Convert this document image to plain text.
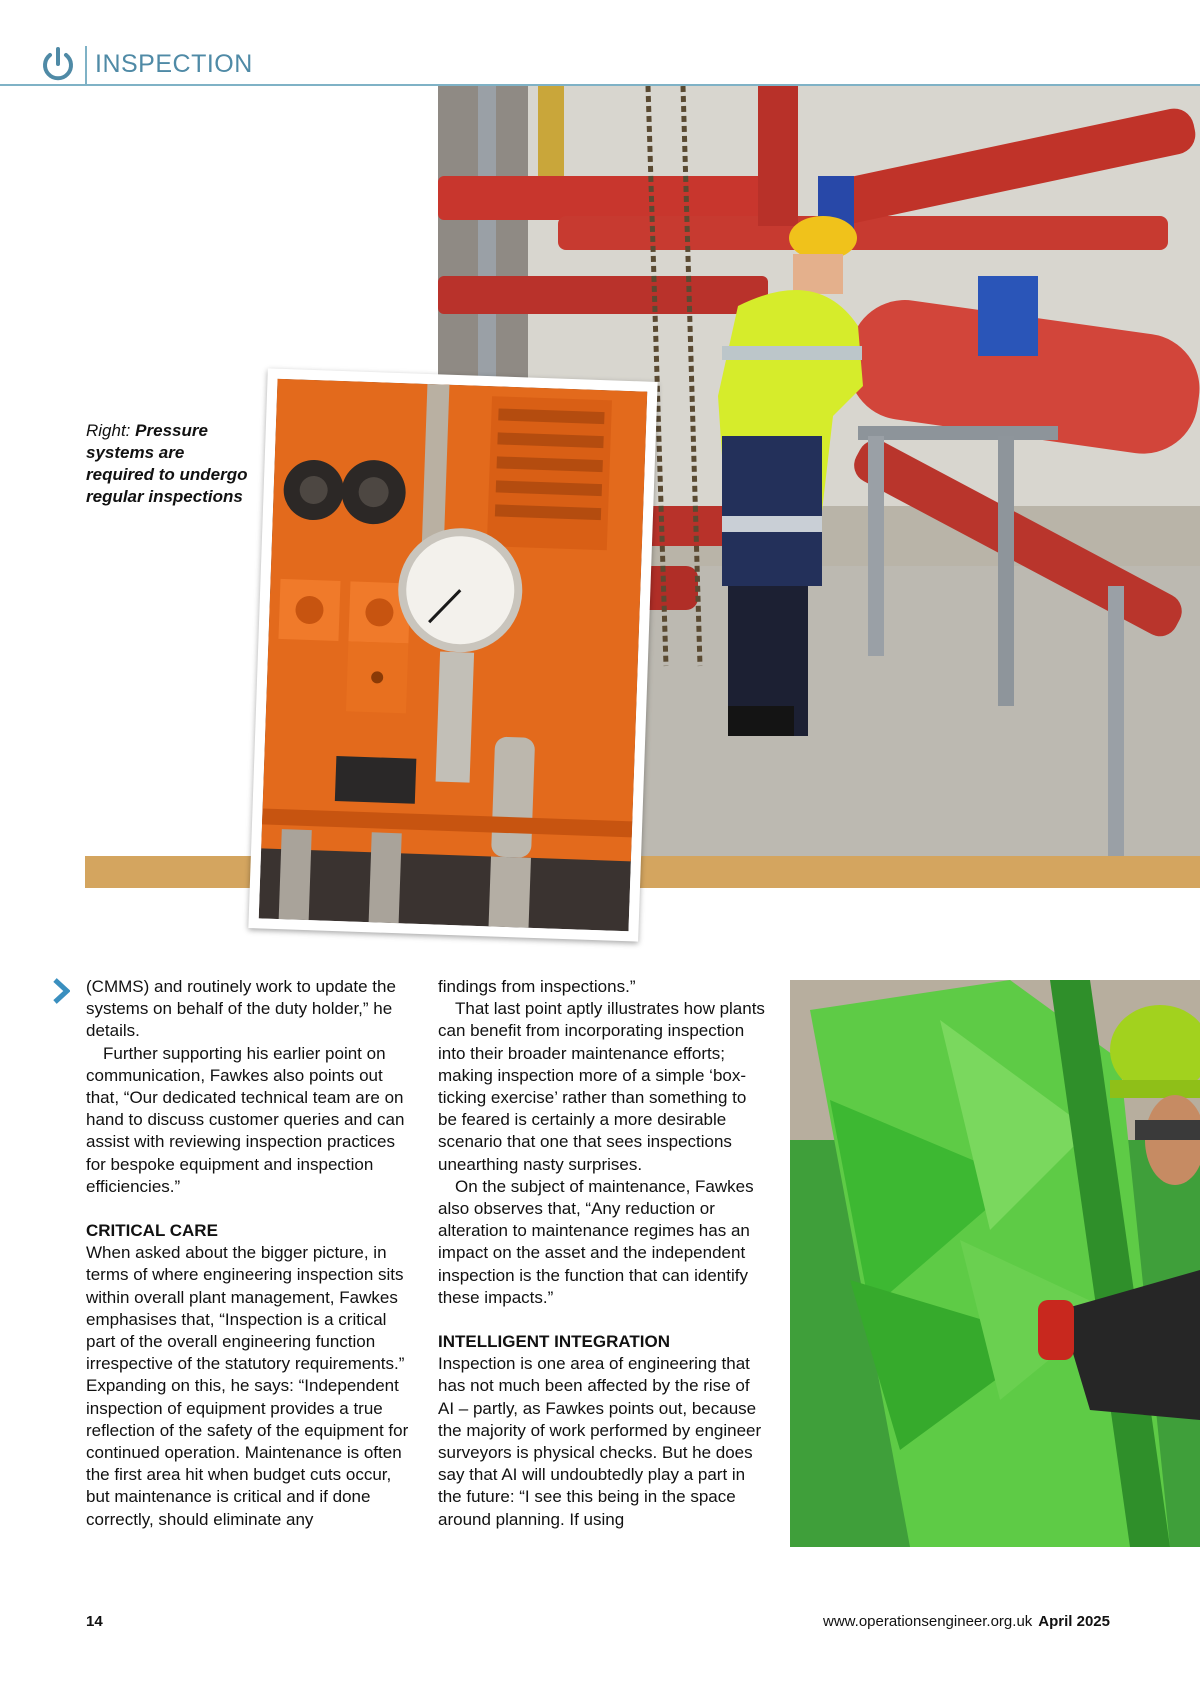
INSPECTION
Right: Pressure systems are required to undergo regular inspections

(CMMS) and routinely work to update the systems on behalf of the duty holder,” he details.

Further supporting his earlier point on communication, Fawkes also points out that, “Our dedicated technical team are on hand to discuss customer queries and can assist with reviewing inspection practices for bespoke equipment and inspection efficiencies.”

CRITICAL CARE

When asked about the bigger picture, in terms of where engineering inspection sits within overall plant management, Fawkes emphasises that, “Inspection is a critical part of the overall engineering function irrespective of the statutory requirements.” Expanding on this, he says: “Independent inspection of equipment provides a true reflection of the safety of the equipment for continued operation. Maintenance is often the first area hit when budget cuts occur, but maintenance is critical and if done correctly, should eliminate any

findings from inspections.”

That last point aptly illustrates how plants can benefit from incorporating inspection into their broader maintenance efforts; making inspection more of a simple ‘box-ticking exercise’ rather than something to be feared is certainly a more desirable scenario that one that sees inspections unearthing nasty surprises.

On the subject of maintenance, Fawkes also observes that, “Any reduction or alteration to maintenance regimes has an impact on the asset and the independent inspection is the function that can identify these impacts.”

INTELLIGENT INTEGRATION

Inspection is one area of engineering that has not much been affected by the rise of AI – partly, as Fawkes points out, because the majority of work performed by engineer surveyors is physical checks. But he does say that AI will undoubtedly play a part in the future: “I see this being in the space around planning. If using

14	www.operationsengineer.org.uk April 2025
